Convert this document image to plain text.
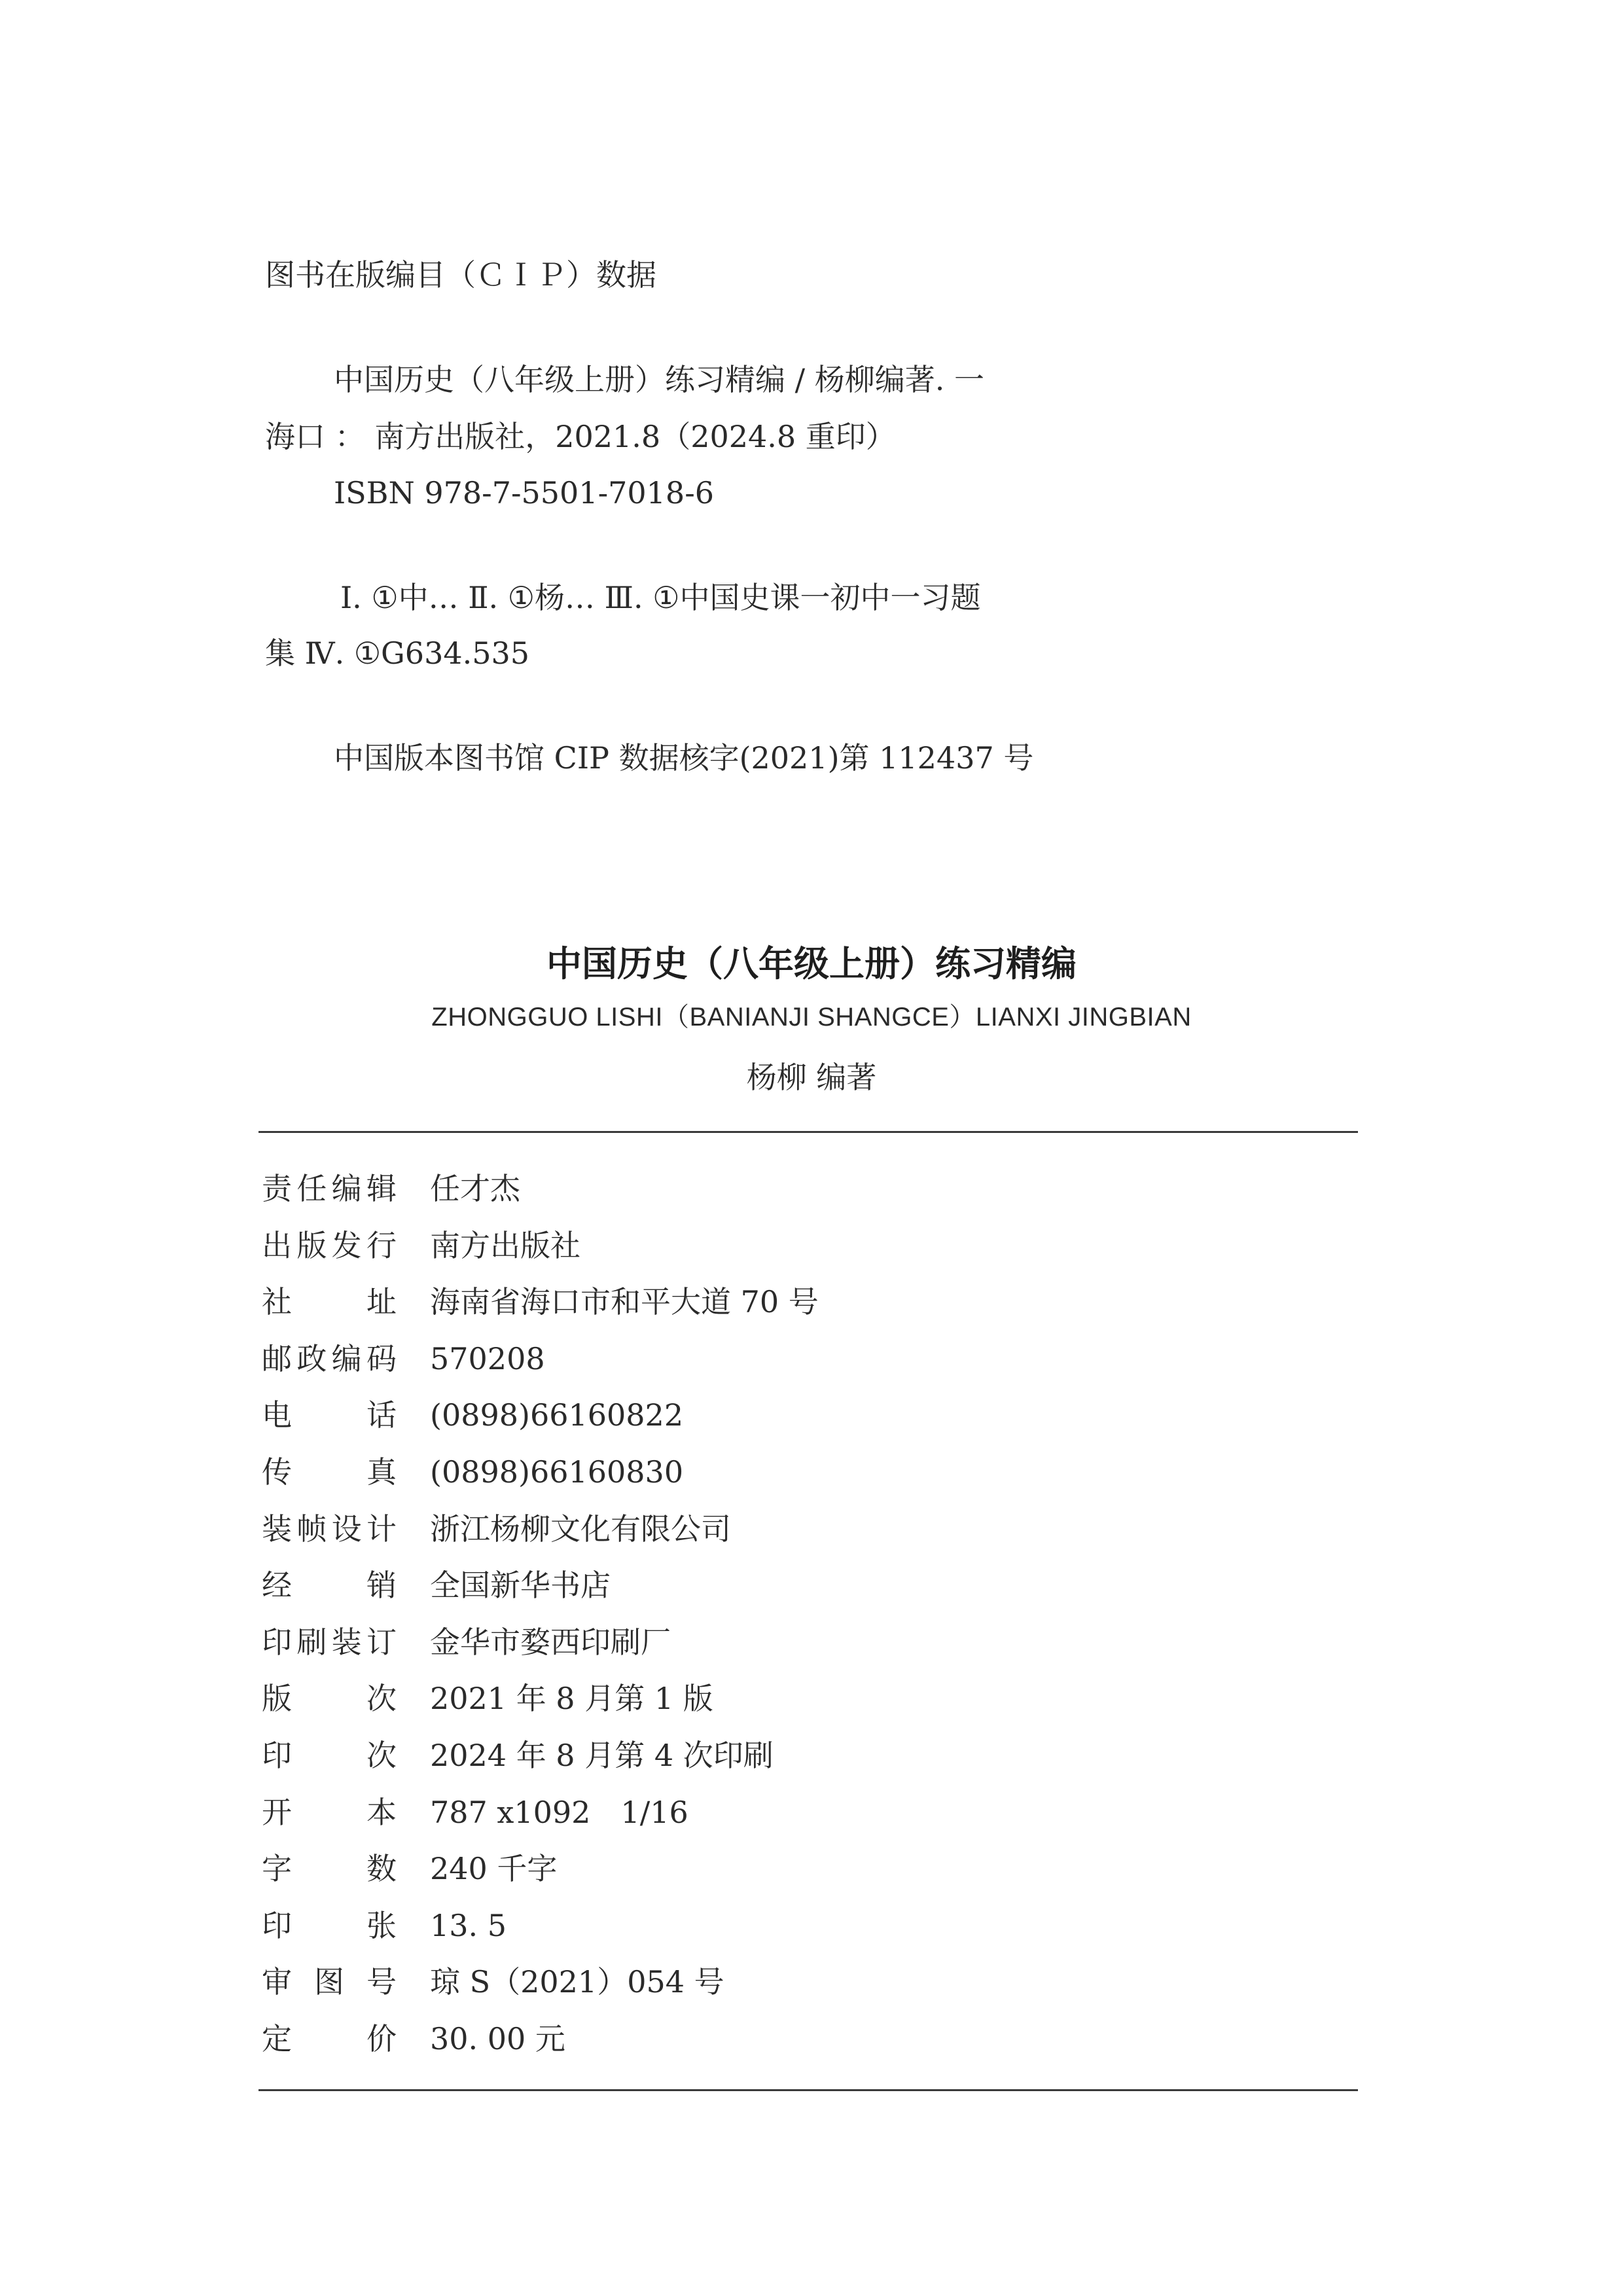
图书在版编目（ＣＩＰ）数据
中国历史（八年级上册）练习精编 / 杨柳编著. 一
海口 ： 南方出版社，2021.8（2024.8 重印）
ISBN 978-7-5501-7018-6
Ⅰ. ①中… Ⅱ. ①杨… Ⅲ. ①中国史课一初中一习题
集 Ⅳ. ①G634.535
中国版本图书馆 CIP 数据核字(2021)第 112437 号
中国历史（八年级上册）练习精编
ZHONGGUO LISHI（BANIANJI SHANGCE）LIANXI JINGBIAN
杨柳 编著
责任编辑 任才杰
出版发行 南方出版社
社址 海南省海口市和平大道 70 号
邮政编码 570208
电话 (0898)66160822
传真 (0898)66160830
装帧设计 浙江杨柳文化有限公司
经销 全国新华书店
印刷装订 金华市婺西印刷厂
版次 2021 年 8 月第 1 版
印次 2024 年 8 月第 4 次印刷
开本 787 x1092　1/16
字数 240 千字
印张 13. 5
审图号 琼 S（2021）054 号
定价 30. 00 元
